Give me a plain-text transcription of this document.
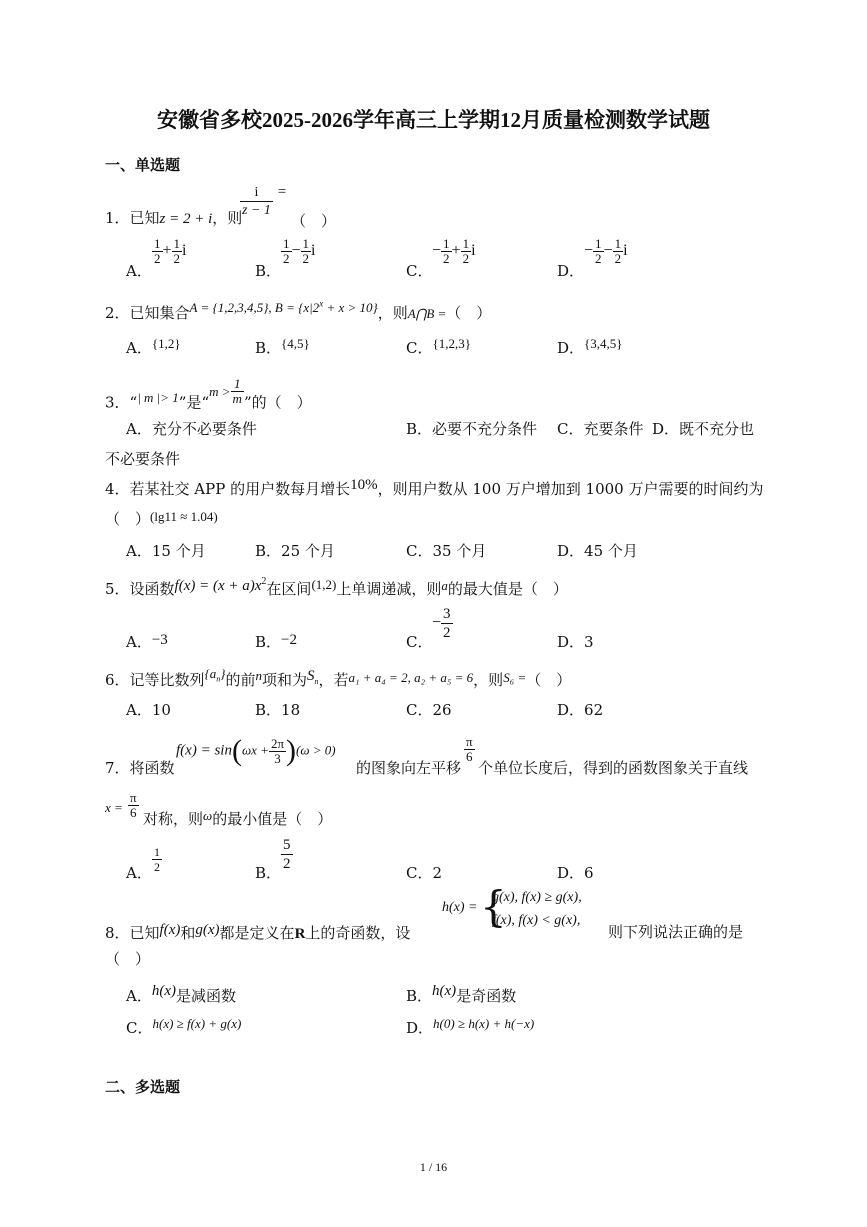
安徽省多校2025-2026学年高三上学期12月质量检测数学试题
一、单选题
1．已知z = 2 + i，则
$\frac{i}{z - 1}$ = （　）
A．
$\frac{1}{2} + \frac{1}{2}$ i
B．
$\frac{1}{2} - \frac{1}{2}$ i
C．
− $\frac{1}{2} + \frac{1}{2}$ i
D．
− $\frac{1}{2} - \frac{1}{2}$ i
2．已知集合A = {1,2,3,4,5}, $B = \{x|2^x + x > 10\}$，则A⋂B =（　）
A．{1,2}	B．{4,5}	C．{1,2,3}	D．{3,4,5}
3．“| m |> 1”是“$m > \frac{1}{m}$ ”的（　）
A．充分不必要条件	B．必要不充分条件 C．充要条件 D．既不充分也
不必要条件
4．若某社交 APP 的用户数每月增长10%，则用户数从 100 万户增加到 1000 万户需要的时间约为
（　）(lg11 ≈ 1.04)
A．15 个月	B．25 个月	C．35 个月	D．45 个月
5．设函数$f(x) = (x + a)x^2$在区间(1,2)上单调递减，则a的最大值是（　）
A．−3	B．−2	C．
− $\frac{3}{2}$	D．3
6．记等比数列$\{a_n\}$的前n项和为$S_n$，若a₁ + a₄ = 2, a₂ + a₅ = 6，则S₆ =（　）
A．10	B．18	C．26	D．62
7．将函数
$f(x) = \sin(\omega x + \frac{2\pi}{3} )(\omega > 0)$
的图象向左平移
$\frac{\pi}{6}$
个单位长度后，得到的函数图象关于直线
$x = \frac{\pi}{6}$ 对称，则ω的最小值是（　）
A． $\frac{1}{2}$	B． $\frac{5}{2}$	C．2	D．6
8．已知f(x)和g(x)都是定义在R上的奇函数，设
h(x) = {
g(x), f(x) ≥ g(x),
f(x), f(x) < g(x),
则下列说法正确的是
（　）
A．h(x)是减函数	B．h(x)是奇函数
C．h(x) ≥ f(x) + g(x)	D．h(0) ≥ h(x) + h(−x)
二、多选题
1 / 16
